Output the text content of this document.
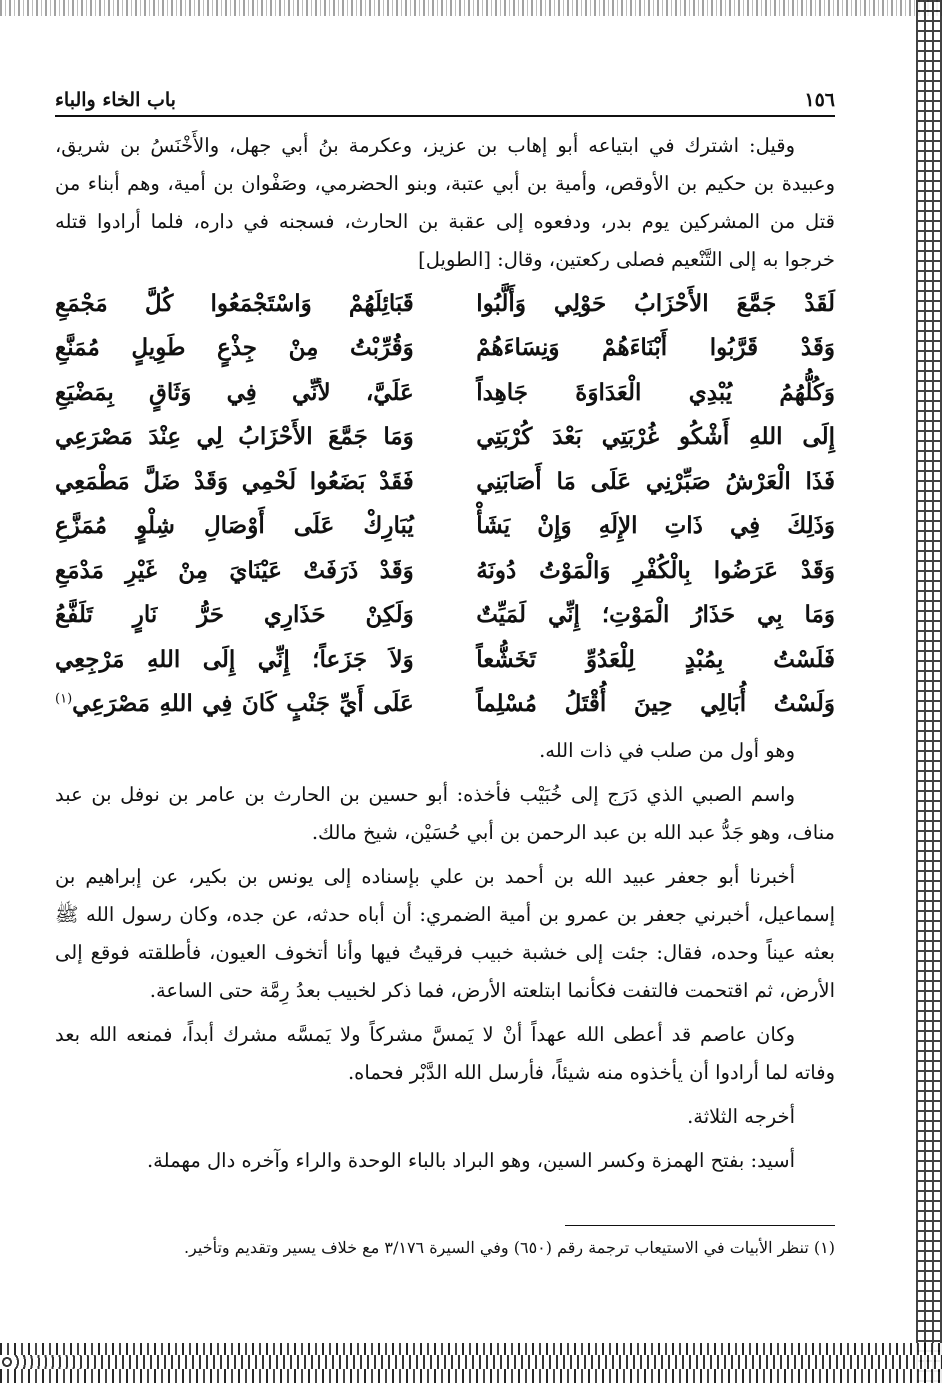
١٥٦
باب الخاء والباء

وقيل: اشترك في ابتياعه أبو إهاب بن عزيز، وعكرمة بنُ أبي جهل، والأَخْنَسُ بن شريق، وعبيدة بن حكيم بن الأوقص، وأمية بن أبي عتبة، وبنو الحضرمي، وصَفْوان بن أمية، وهم أبناء من قتل من المشركين يوم بدر، ودفعوه إلى عقبة بن الحارث، فسجنه في داره، فلما أرادوا قتله خرجوا به إلى التَّنْعيم فصلى ركعتين، وقال: [الطويل]

لَقَدْ جَمَّعَ الأَحْزَابُ حَوْلِي وَأَلَّبُوا
قَبَائِلَهُمْ وَاسْتَجْمَعُوا كُلَّ مَجْمَعِ
وَقَدْ قَرَّبُوا أَبْنَاءَهُمْ وَنِسَاءَهُمْ
وَقُرِّبْتُ مِنْ جِذْعٍ طَوِيلٍ مُمَنَّعِ
وَكُلُّهُمُ يُبْدِي الْعَدَاوَةَ جَاهِداً
عَلَيَّ، لأنِّي فِي وَثَاقٍ بِمَضْيَعِ
إِلَى اللهِ أَشْكُو غُرْبَتِي بَعْدَ كُرْبَتِي
وَمَا جَمَّعَ الأَحْزَابُ لِي عِنْدَ مَصْرَعِي
فَذَا الْعَرْشُ صَبِّرْنِي عَلَى مَا أَصَابَنِي
فَقَدْ بَضَعُوا لَحْمِي وَقَدْ ضَلَّ مَطْمَعِي
وَذَلِكَ فِي ذَاتِ الإِلَهِ وَإِنْ يَشَأْ
يُبَارِكْ عَلَى أَوْصَالِ شِلْوٍ مُمَزَّعِ
وَقَدْ عَرَضُوا بِالْكُفْرِ وَالْمَوْتُ دُونَهُ
وَقَدْ ذَرَفَتْ عَيْنَايَ مِنْ غَيْرِ مَدْمَعِ
وَمَا بِي حَذَارُ الْمَوْتِ؛ إِنِّي لَمَيِّتٌ
وَلَكِنْ حَذَارِي حَرُّ نَارٍ تَلَفَّعُ
فَلَسْتُ بِمُبْدٍ لِلْعَدُوِّ تَخَشُّعاً
وَلاَ جَزَعاً؛ إِنِّي إِلَى اللهِ مَرْجِعِي
وَلَسْتُ أُبَالِي حِينَ أُقْتَلُ مُسْلِماً
عَلَى أَيِّ جَنْبٍ كَانَ فِي اللهِ مَصْرَعِي$^{(١)}$

وهو أول من صلب في ذات الله.

واسم الصبي الذي دَرَج إلى خُبَيْب فأخذه: أبو حسين بن الحارث بن عامر بن نوفل بن عبد مناف، وهو جَدُّ عبد الله بن عبد الرحمن بن أبي حُسَيْن، شيخ مالك.

أخبرنا أبو جعفر عبيد الله بن أحمد بن علي بإسناده إلى يونس بن بكير، عن إبراهيم بن إسماعيل، أخبرني جعفر بن عمرو بن أمية الضمري: أن أباه حدثه، عن جده، وكان رسول الله ﷺ بعثه عيناً وحده، فقال: جئت إلى خشبة خبيب فرقيتُ فيها وأنا أتخوف العيون، فأطلقته فوقع إلى الأرض، ثم اقتحمت فالتفت فكأنما ابتلعته الأرض، فما ذكر لخبيب بعدُ رِمَّة حتى الساعة.

وكان عاصم قد أعطى الله عهداً أنْ لا يَمسَّ مشركاً ولا يَمسَّه مشرك أبداً، فمنعه الله بعد وفاته لما أرادوا أن يأخذوه منه شيئاً، فأرسل الله الدَّبْر فحماه.

أخرجه الثلاثة.

أسيد: بفتح الهمزة وكسر السين، وهو البراد بالباء الوحدة والراء وآخره دال مهملة.

(١) تنظر الأبيات في الاستيعاب ترجمة رقم (٦٥٠) وفي السيرة ٣/١٧٦ مع خلاف يسير وتقديم وتأخير.
